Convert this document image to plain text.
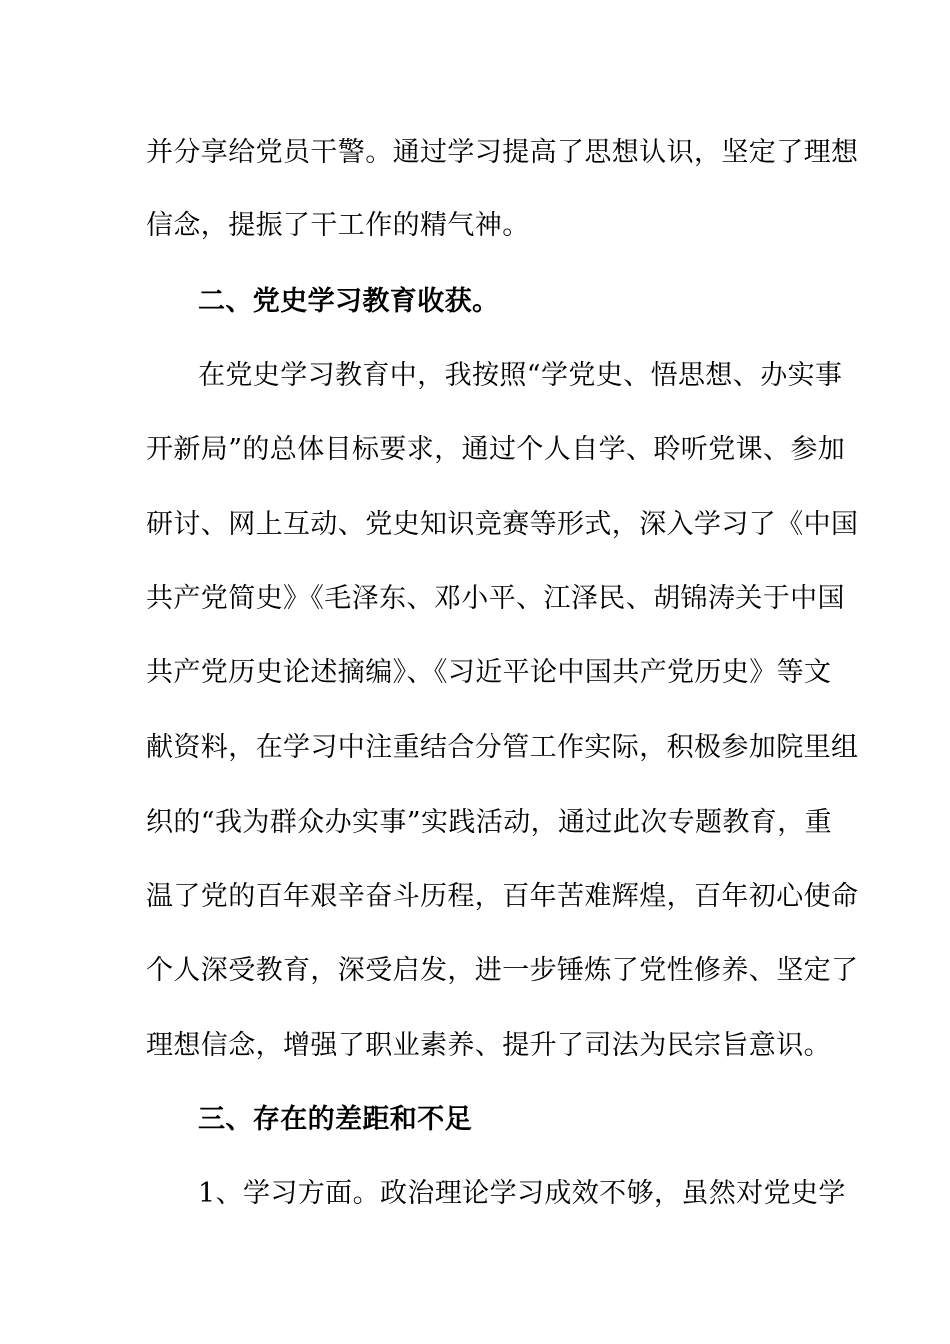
并分享给党员干警。通过学习提高了思想认识，坚定了理想
信念，提振了干工作的精气神。
二、党史学习教育收获。
在党史学习教育中，我按照“学党史、悟思想、办实事
开新局”的总体目标要求，通过个人自学、聆听党课、参加
研讨、网上互动、党史知识竞赛等形式，深入学习了《中国
共产党简史》《毛泽东、邓小平、江泽民、胡锦涛关于中国
共产党历史论述摘编》、《习近平论中国共产党历史》等文
献资料，在学习中注重结合分管工作实际，积极参加院里组
织的“我为群众办实事”实践活动，通过此次专题教育，重
温了党的百年艰辛奋斗历程，百年苦难辉煌，百年初心使命
个人深受教育，深受启发，进一步锤炼了党性修养、坚定了
理想信念，增强了职业素养、提升了司法为民宗旨意识。
三、存在的差距和不足
1、学习方面。政治理论学习成效不够，虽然对党史学
